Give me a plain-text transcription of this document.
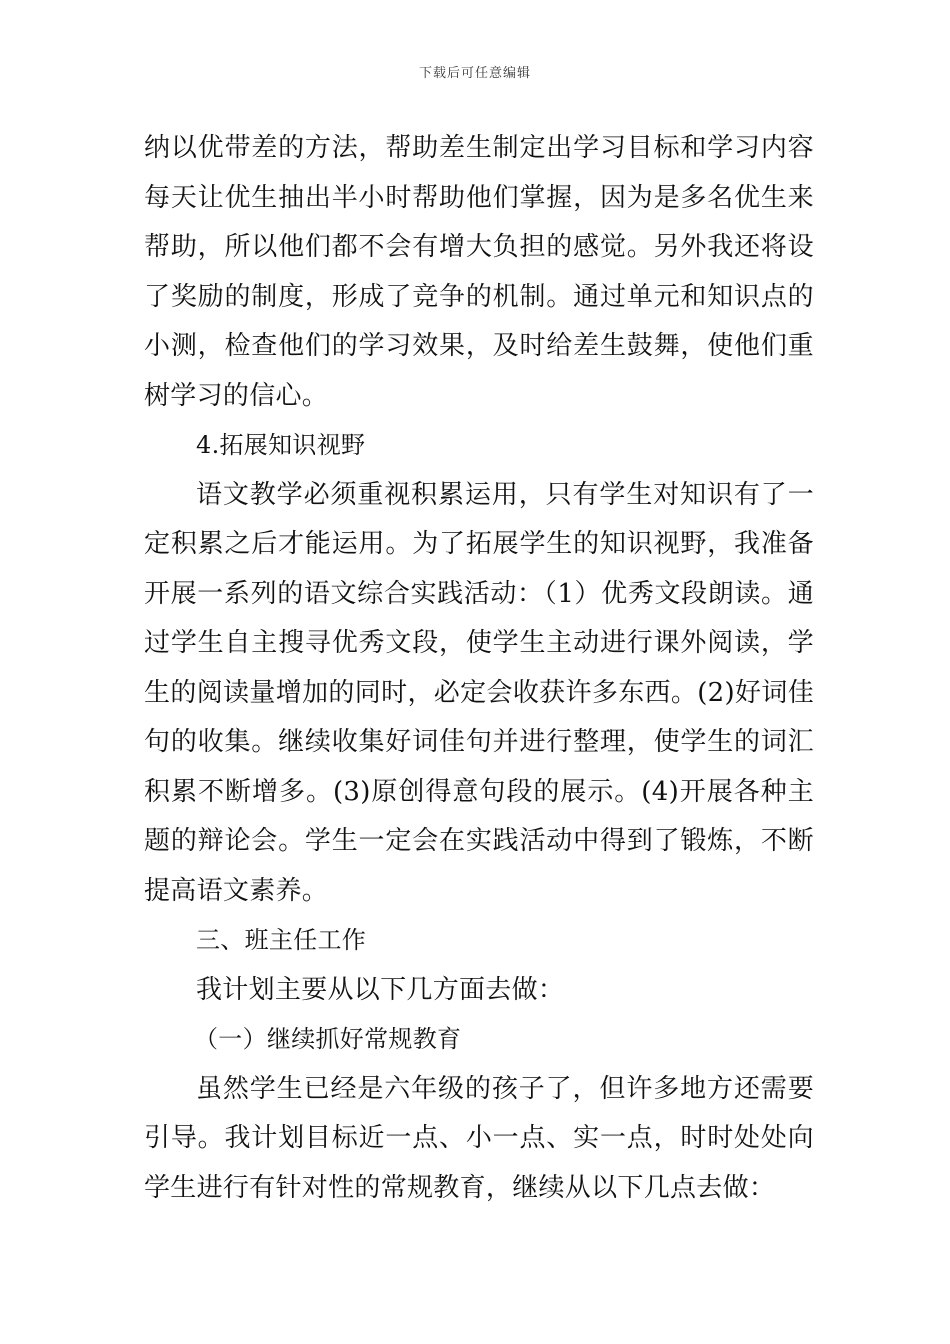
下载后可任意编辑

纳以优带差的方法，帮助差生制定出学习目标和学习内容每天让优生抽出半小时帮助他们掌握，因为是多名优生来帮助，所以他们都不会有增大负担的感觉。另外我还将设了奖励的制度，形成了竞争的机制。通过单元和知识点的小测，检查他们的学习效果，及时给差生鼓舞，使他们重树学习的信心。

4.拓展知识视野

语文教学必须重视积累运用，只有学生对知识有了一定积累之后才能运用。为了拓展学生的知识视野，我准备开展一系列的语文综合实践活动：（1）优秀文段朗读。通过学生自主搜寻优秀文段，使学生主动进行课外阅读，学生的阅读量增加的同时，必定会收获许多东西。(2)好词佳句的收集。继续收集好词佳句并进行整理，使学生的词汇积累不断增多。(3)原创得意句段的展示。(4)开展各种主题的辩论会。学生一定会在实践活动中得到了锻炼，不断提高语文素养。

三、班主任工作

我计划主要从以下几方面去做：

（一）继续抓好常规教育

虽然学生已经是六年级的孩子了，但许多地方还需要引导。我计划目标近一点、小一点、实一点，时时处处向学生进行有针对性的常规教育，继续从以下几点去做：
